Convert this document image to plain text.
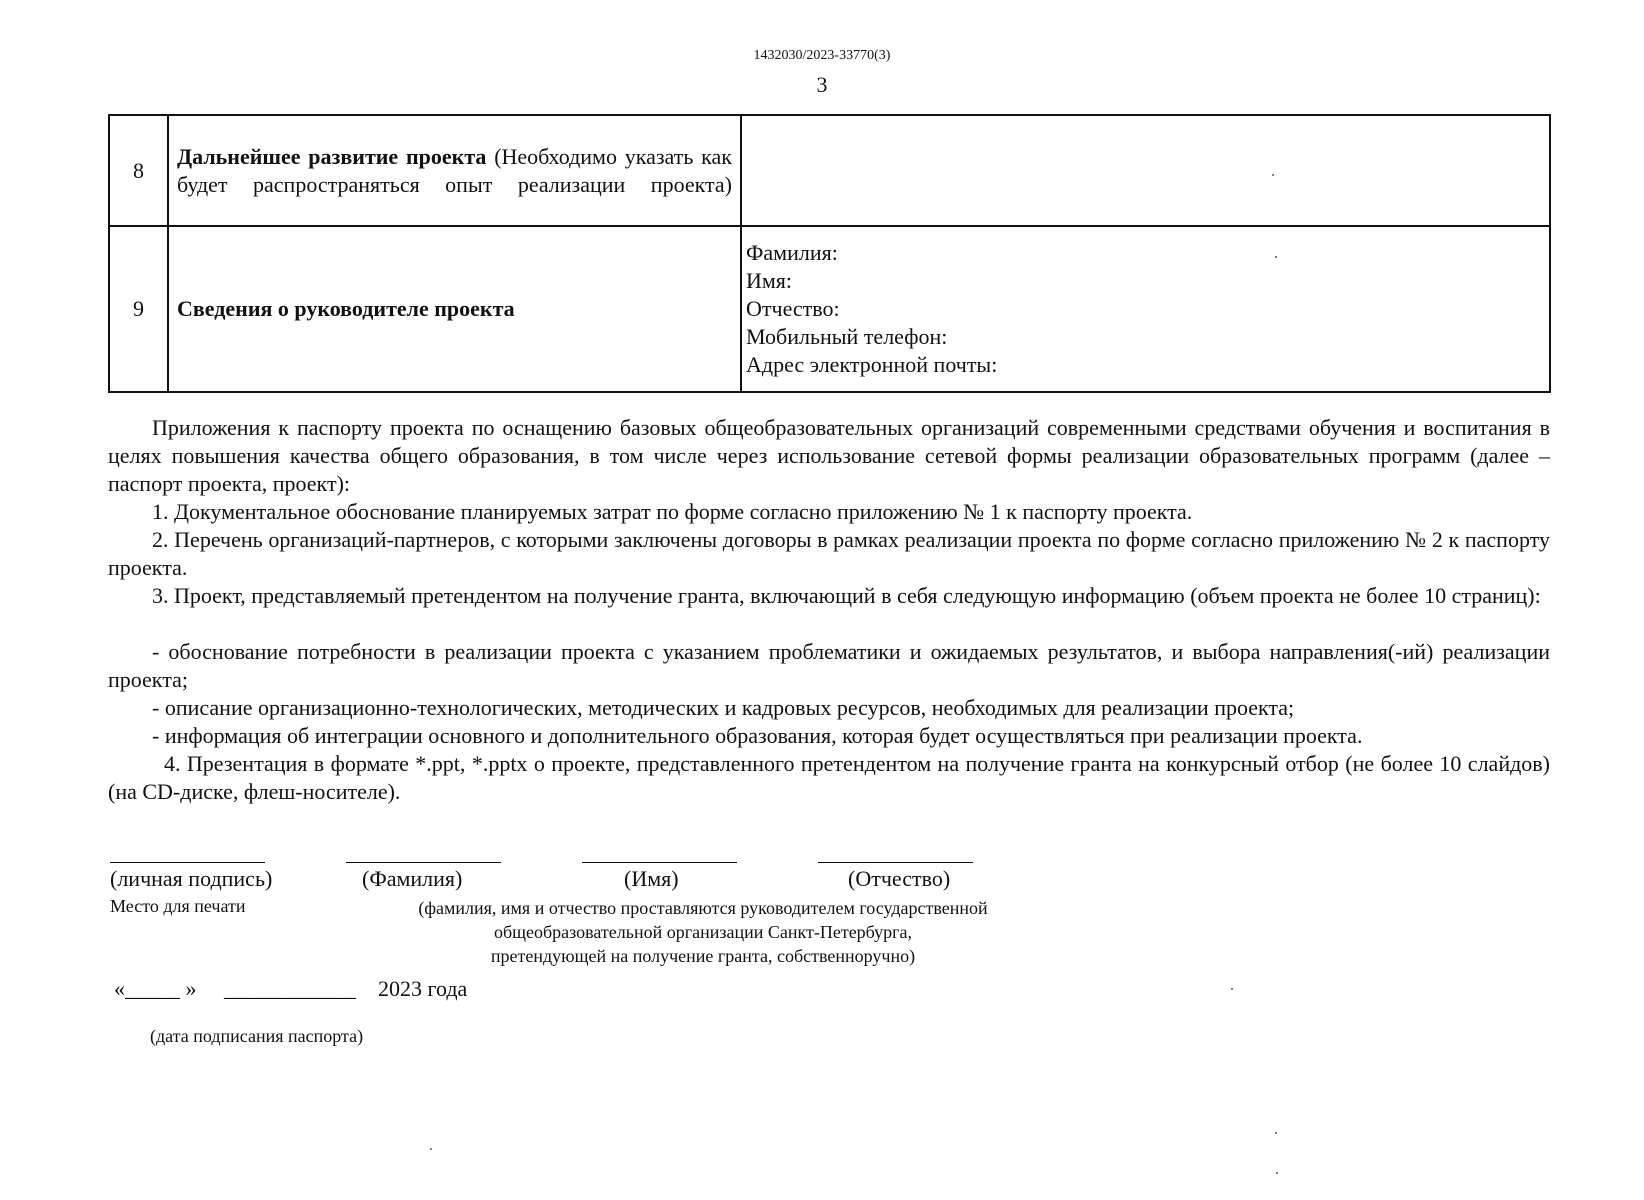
1432030/2023-33770(3)
3
8	Дальнейшее развитие проекта (Необходимо указать как будет распространяться опыт реализации проекта)	
9	Сведения о руководителе проекта	Фамилия:
Имя:
Отчество:
Мобильный телефон:
Адрес электронной почты:
Приложения к паспорту проекта по оснащению базовых общеобразовательных организаций современными средствами обучения и воспитания в целях повышения качества общего образования, в том числе через использование сетевой формы реализации образовательных программ (далее – паспорт проекта, проект):
1. Документальное обоснование планируемых затрат по форме согласно приложению № 1 к паспорту проекта.
2. Перечень организаций-партнеров, с которыми заключены договоры в рамках реализации проекта по форме согласно приложению № 2 к паспорту проекта.
3. Проект, представляемый претендентом на получение гранта, включающий в себя следующую информацию (объем проекта не более 10 страниц):
- обоснование потребности в реализации проекта с указанием проблематики и ожидаемых результатов, и выбора направления(-ий) реализации проекта;
- описание организационно-технологических, методических и кадровых ресурсов, необходимых для реализации проекта;
- информация об интеграции основного и дополнительного образования, которая будет осуществляться при реализации проекта.
4. Презентация в формате *.ppt, *.pptx о проекте, представленного претендентом на получение гранта на конкурсный отбор (не более 10 слайдов) (на CD-диске, флеш-носителе).
(личная подпись)	(Фамилия)	(Имя)	(Отчество)
Место для печати	(фамилия, имя и отчество проставляются руководителем государственной
общеобразовательной организации Санкт-Петербурга,
претендующей на получение гранта, собственноручно)
«_____ » ____________ 2023 года
(дата подписания паспорта)
